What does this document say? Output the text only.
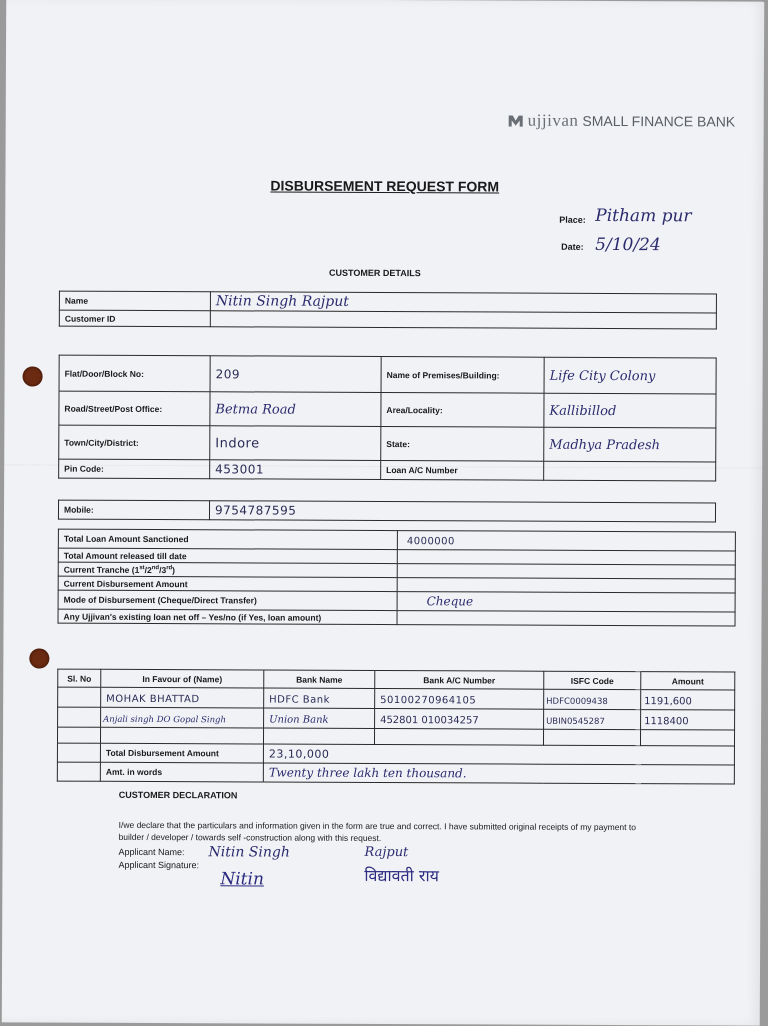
ujjivan SMALL FINANCE BANK
DISBURSEMENT REQUEST FORM
Place: Pitham pur
Date: 5/10/24
CUSTOMER DETAILS
Name	Nitin Singh Rajput
Customer ID	
Flat/Door/Block No:	209	Name of Premises/Building:	Life City Colony
Road/Street/Post Office:	Betma Road	Area/Locality:	Kallibillod
Town/City/District:	Indore	State:	Madhya Pradesh
Pin Code:	453001	Loan A/C Number	
Mobile:	9754787595
Total Loan Amount Sanctioned	4000000
Total Amount released till date	
Current Tranche (1st/2nd/3rd)	
Current Disbursement Amount	
Mode of Disbursement (Cheque/Direct Transfer)	Cheque
Any Ujjivan's existing loan net off – Yes/no (if Yes, loan amount)	
Sl. No	In Favour of (Name)	Bank Name	Bank A/C Number	ISFC Code	Amount
	MOHAK BHATTAD	HDFC Bank	50100270964105	HDFC0009438	1191,600
	Anjali singh DO Gopal Singh	Union Bank	452801 010034257	UBIN0545287	1118400

	Total Disbursement Amount	23,10,000			
	Amt. in words	Twenty three lakh ten thousand.			
CUSTOMER DECLARATION
I/we declare that the particulars and information given in the form are true and correct. I have submitted original receipts of my payment to builder / developer / towards self -construction along with this request.
Applicant Name: Nitin Singh	Rajput
Applicant Signature:
Nitin	विद्यावती राय
